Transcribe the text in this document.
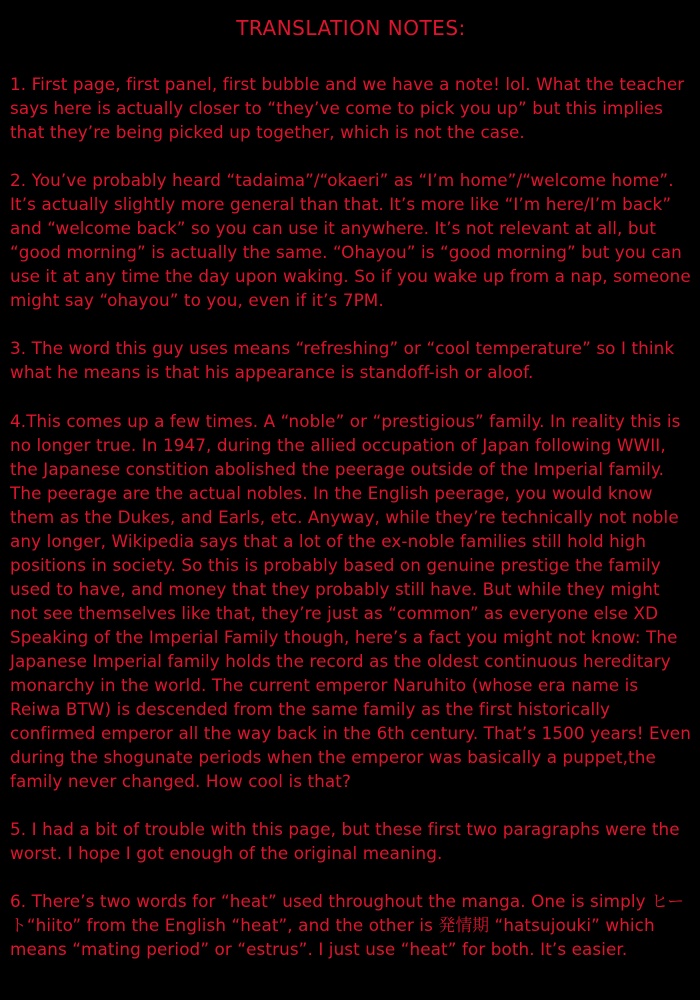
TRANSLATION NOTES:

1. First page, first panel, first bubble and we have a note! lol. What the teacher says here is actually closer to “they’ve come to pick you up” but this implies that they’re being picked up together, which is not the case.

2. You’ve probably heard “tadaima”/“okaeri” as “I’m home”/“welcome home”. It’s actually slightly more general than that. It’s more like “I’m here/I’m back” and “welcome back” so you can use it anywhere. It’s not relevant at all, but “good morning” is actually the same. “Ohayou” is “good morning” but you can use it at any time the day upon waking. So if you wake up from a nap, someone might say “ohayou” to you, even if it’s 7PM.

3. The word this guy uses means “refreshing” or “cool temperature” so I think what he means is that his appearance is standoff-ish or aloof.

4.This comes up a few times. A “noble” or “prestigious” family. In reality this is no longer true. In 1947, during the allied occupation of Japan following WWII, the Japanese constition abolished the peerage outside of the Imperial family. The peerage are the actual nobles. In the English peerage, you would know them as the Dukes, and Earls, etc. Anyway, while they’re technically not noble any longer, Wikipedia says that a lot of the ex-noble families still hold high positions in society. So this is probably based on genuine prestige the family used to have, and money that they probably still have. But while they might not see themselves like that, they’re just as “common” as everyone else XD Speaking of the Imperial Family though, here’s a fact you might not know: The Japanese Imperial family holds the record as the oldest continuous hereditary monarchy in the world. The current emperor Naruhito (whose era name is Reiwa BTW) is descended from the same family as the first historically confirmed emperor all the way back in the 6th century. That’s 1500 years! Even during the shogunate periods when the emperor was basically a puppet,the family never changed. How cool is that?

5. I had a bit of trouble with this page, but these first two paragraphs were the worst. I hope I got enough of the original meaning.

6. There’s two words for “heat” used throughout the manga. One is simply ヒート“hiito” from the English “heat”, and the other is 発情期 “hatsujouki” which means “mating period” or “estrus”. I just use “heat” for both. It’s easier.
